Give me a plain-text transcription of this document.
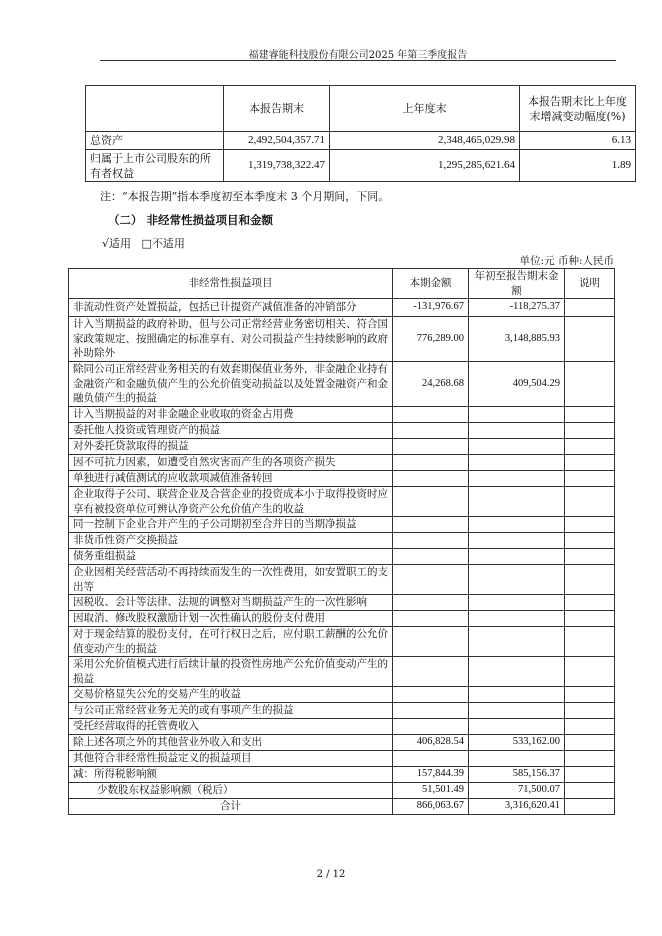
福建睿能科技股份有限公司2025 年第三季度报告
	本报告期末	上年度末	本报告期末比上年度末增减变动幅度(%)
总资产	2,492,504,357.71	2,348,465,029.98	6.13
归属于上市公司股东的所有者权益	1,319,738,322.47	1,295,285,621.64	1.89
注：“本报告期”指本季度初至本季度末 3 个月期间，下同。
（二） 非经常性损益项目和金额
√适用 □不适用
单位:元 币种:人民币
非经常性损益项目	本期金额	年初至报告期末金额	说明
非流动性资产处置损益，包括已计提资产减值准备的冲销部分	-131,976.67	-118,275.37	
计入当期损益的政府补助，但与公司正常经营业务密切相关、符合国家政策规定、按照确定的标准享有、对公司损益产生持续影响的政府补助除外	776,289.00	3,148,885.93	
除同公司正常经营业务相关的有效套期保值业务外，非金融企业持有金融资产和金融负债产生的公允价值变动损益以及处置金融资产和金融负债产生的损益	24,268.68	409,504.29	
计入当期损益的对非金融企业收取的资金占用费			
委托他人投资或管理资产的损益			
对外委托贷款取得的损益			
因不可抗力因素，如遭受自然灾害而产生的各项资产损失			
单独进行减值测试的应收款项减值准备转回			
企业取得子公司、联营企业及合营企业的投资成本小于取得投资时应享有被投资单位可辨认净资产公允价值产生的收益			
同一控制下企业合并产生的子公司期初至合并日的当期净损益			
非货币性资产交换损益			
债务重组损益			
企业因相关经营活动不再持续而发生的一次性费用，如安置职工的支出等			
因税收、会计等法律、法规的调整对当期损益产生的一次性影响			
因取消、修改股权激励计划一次性确认的股份支付费用			
对于现金结算的股份支付，在可行权日之后，应付职工薪酬的公允价值变动产生的损益			
采用公允价值模式进行后续计量的投资性房地产公允价值变动产生的损益			
交易价格显失公允的交易产生的收益			
与公司正常经营业务无关的或有事项产生的损益			
受托经营取得的托管费收入			
除上述各项之外的其他营业外收入和支出	406,828.54	533,162.00	
其他符合非经常性损益定义的损益项目			
减：所得税影响额	157,844.39	585,156.37	
少数股东权益影响额（税后）	51,501.49	71,500.07	
合计	866,063.67	3,316,620.41	
2 / 12
